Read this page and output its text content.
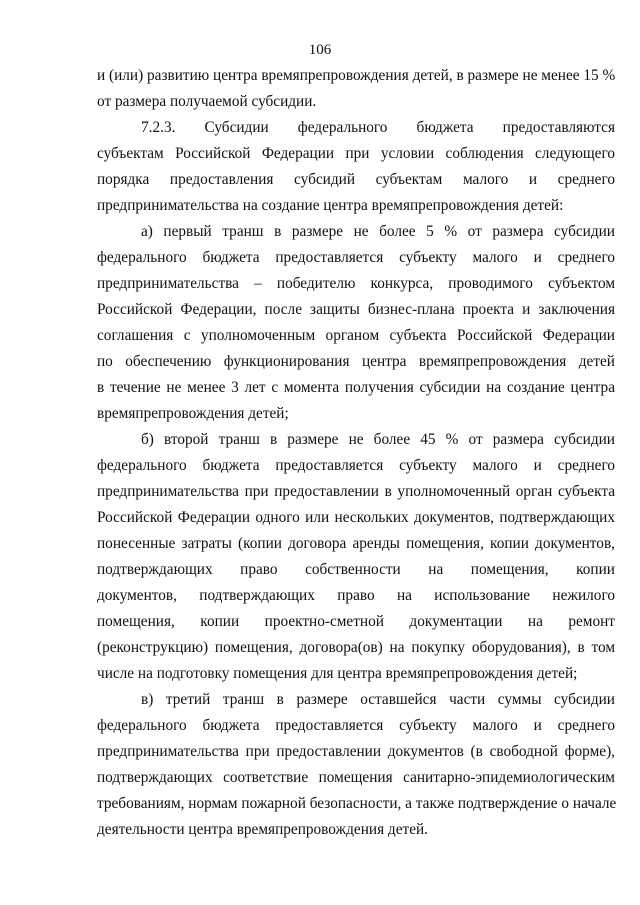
106

и (или) развитию центра времяпрепровождения детей, в размере не менее 15 %
от размера получаемой субсидии.

7.2.3. Субсидии федерального бюджета предоставляются
субъектам Российской Федерации при условии соблюдения следующего
порядка предоставления субсидий субъектам малого и среднего
предпринимательства на создание центра времяпрепровождения детей:

а) первый транш в размере не более 5 % от размера субсидии
федерального бюджета предоставляется субъекту малого и среднего
предпринимательства – победителю конкурса, проводимого субъектом
Российской Федерации, после защиты бизнес-плана проекта и заключения
соглашения с уполномоченным органом субъекта Российской Федерации
по обеспечению функционирования центра времяпрепровождения детей
в течение не менее 3 лет с момента получения субсидии на создание центра
времяпрепровождения детей;

б) второй транш в размере не более 45 % от размера субсидии
федерального бюджета предоставляется субъекту малого и среднего
предпринимательства при предоставлении в уполномоченный орган субъекта
Российской Федерации одного или нескольких документов, подтверждающих
понесенные затраты (копии договора аренды помещения, копии документов,
подтверждающих право собственности на помещения, копии
документов, подтверждающих право на использование нежилого
помещения, копии проектно-сметной документации на ремонт
(реконструкцию) помещения, договора(ов) на покупку оборудования), в том
числе на подготовку помещения для центра времяпрепровождения детей;

в) третий транш в размере оставшейся части суммы субсидии
федерального бюджета предоставляется субъекту малого и среднего
предпринимательства при предоставлении документов (в свободной форме),
подтверждающих соответствие помещения санитарно-эпидемиологическим
требованиям, нормам пожарной безопасности, а также подтверждение о начале
деятельности центра времяпрепровождения детей.
